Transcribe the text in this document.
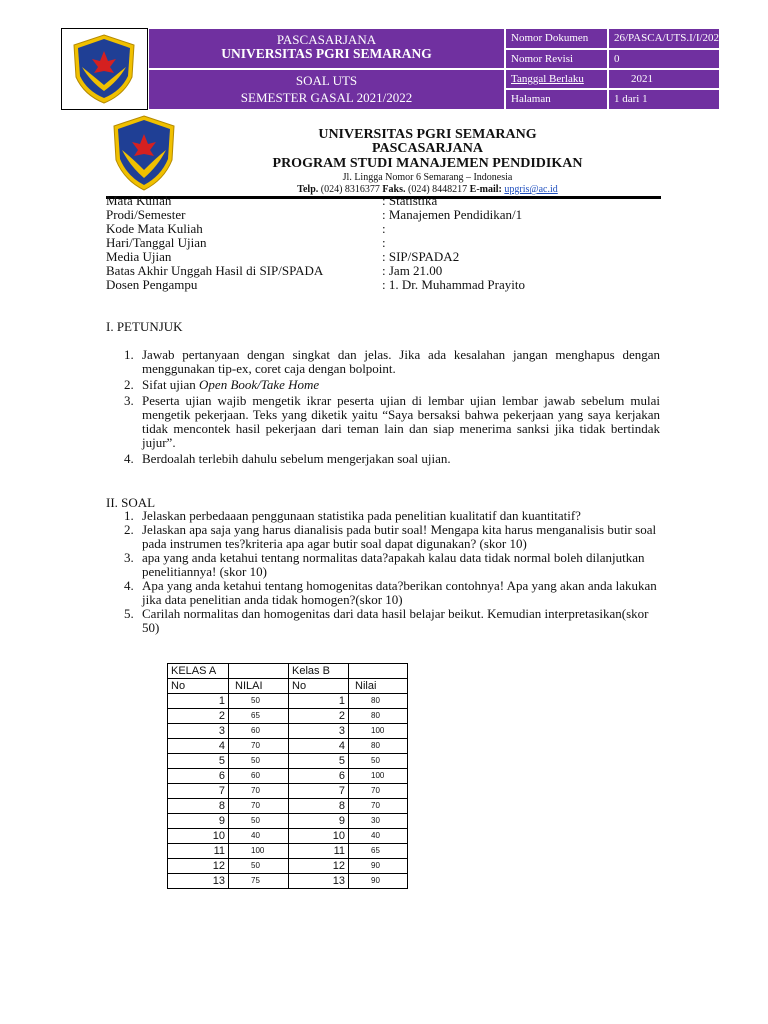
PASCASARJANA
UNIVERSITAS PGRI SEMARANG
SOAL UTS
SEMESTER GASAL 2021/2022
Nomor Dokumen	26/PASCA/UTS.I/I/2022
Nomor Revisi	0
Tanggal Berlaku	2021
Halaman	1 dari 1
UNIVERSITAS PGRI SEMARANG
PASCASARJANA
PROGRAM STUDI MANAJEMEN PENDIDIKAN
Jl. Lingga Nomor 6 Semarang – Indonesia
Telp. (024) 8316377 Faks. (024) 8448217 E-mail: upgris@ac.id
Mata Kuliah	: Statistika
Prodi/Semester	: Manajemen Pendidikan/1
Kode Mata Kuliah	:
Hari/Tanggal Ujian	:
Media Ujian	: SIP/SPADA2
Batas Akhir Unggah Hasil di SIP/SPADA	: Jam 21.00
Dosen Pengampu	: 1. Dr. Muhammad Prayito
I. PETUNJUK
1. Jawab pertanyaan dengan singkat dan jelas. Jika ada kesalahan jangan menghapus dengan menggunakan tip-ex, coret caja dengan bolpoint.
2. Sifat ujian Open Book/Take Home
3. Peserta ujian wajib mengetik ikrar peserta ujian di lembar ujian lembar jawab sebelum mulai mengetik pekerjaan. Teks yang diketik yaitu “Saya bersaksi bahwa pekerjaan yang saya kerjakan tidak mencontek hasil pekerjaan dari teman lain dan siap menerima sanksi jika tidak bertindak jujur”.
4. Berdoalah terlebih dahulu sebelum mengerjakan soal ujian.
II. SOAL
1. Jelaskan perbedaaan penggunaan statistika pada penelitian kualitatif dan kuantitatif?
2. Jelaskan apa saja yang harus dianalisis pada butir soal! Mengapa kita harus menganalisis butir soal pada instrumen tes?kriteria apa agar butir soal dapat digunakan? (skor 10)
3. apa yang anda ketahui tentang normalitas data?apakah kalau data tidak normal boleh dilanjutkan penelitiannya! (skor 10)
4. Apa yang anda ketahui tentang homogenitas data?berikan contohnya! Apa yang akan anda lakukan jika data penelitian anda tidak homogen?(skor 10)
5. Carilah normalitas dan homogenitas dari data hasil belajar beikut. Kemudian interpretasikan(skor 50)
KELAS A		Kelas B	
No	NILAI	No	Nilai
1	50	1	80
2	65	2	80
3	60	3	100
4	70	4	80
5	50	5	50
6	60	6	100
7	70	7	70
8	70	8	70
9	50	9	30
10	40	10	40
11	100	11	65
12	50	12	90
13	75	13	90
